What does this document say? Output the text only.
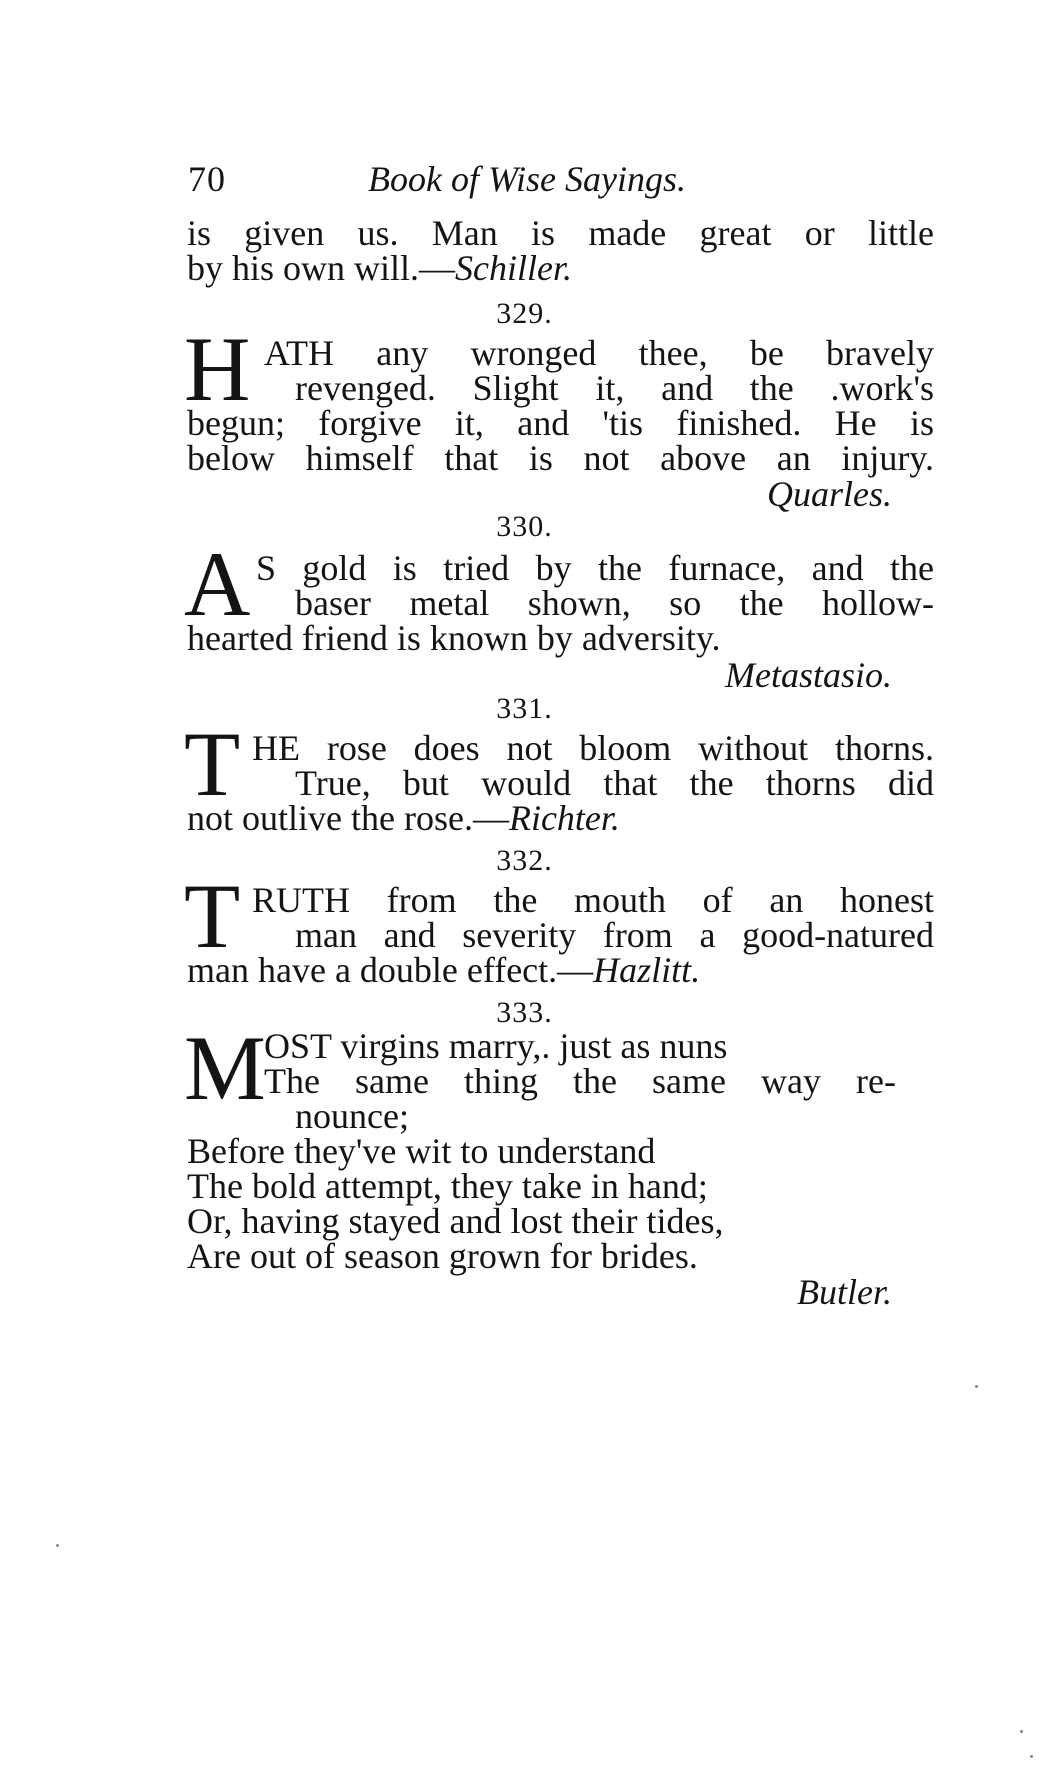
70	Book of Wise Sayings.
is given us. Man is made great or little
by his own will.—Schiller.
329.
H ATH any wronged thee, be bravely
revenged. Slight it, and the .work's
begun; forgive it, and 'tis finished. He is
below himself that is not above an injury.
Quarles.
330.
A S gold is tried by the furnace, and the
baser metal shown, so the hollow-
hearted friend is known by adversity.
Metastasio.
331.
T HE rose does not bloom without thorns.
True, but would that the thorns did
not outlive the rose.—Richter.
332.
T RUTH from the mouth of an honest
man and severity from a good-natured
man have a double effect.—Hazlitt.
333.
M
OST virgins marry,. just as nuns
The same thing the same way re-
nounce;
Before they've wit to understand
The bold attempt, they take in hand;
Or, having stayed and lost their tides,
Are out of season grown for brides.
Butler.
